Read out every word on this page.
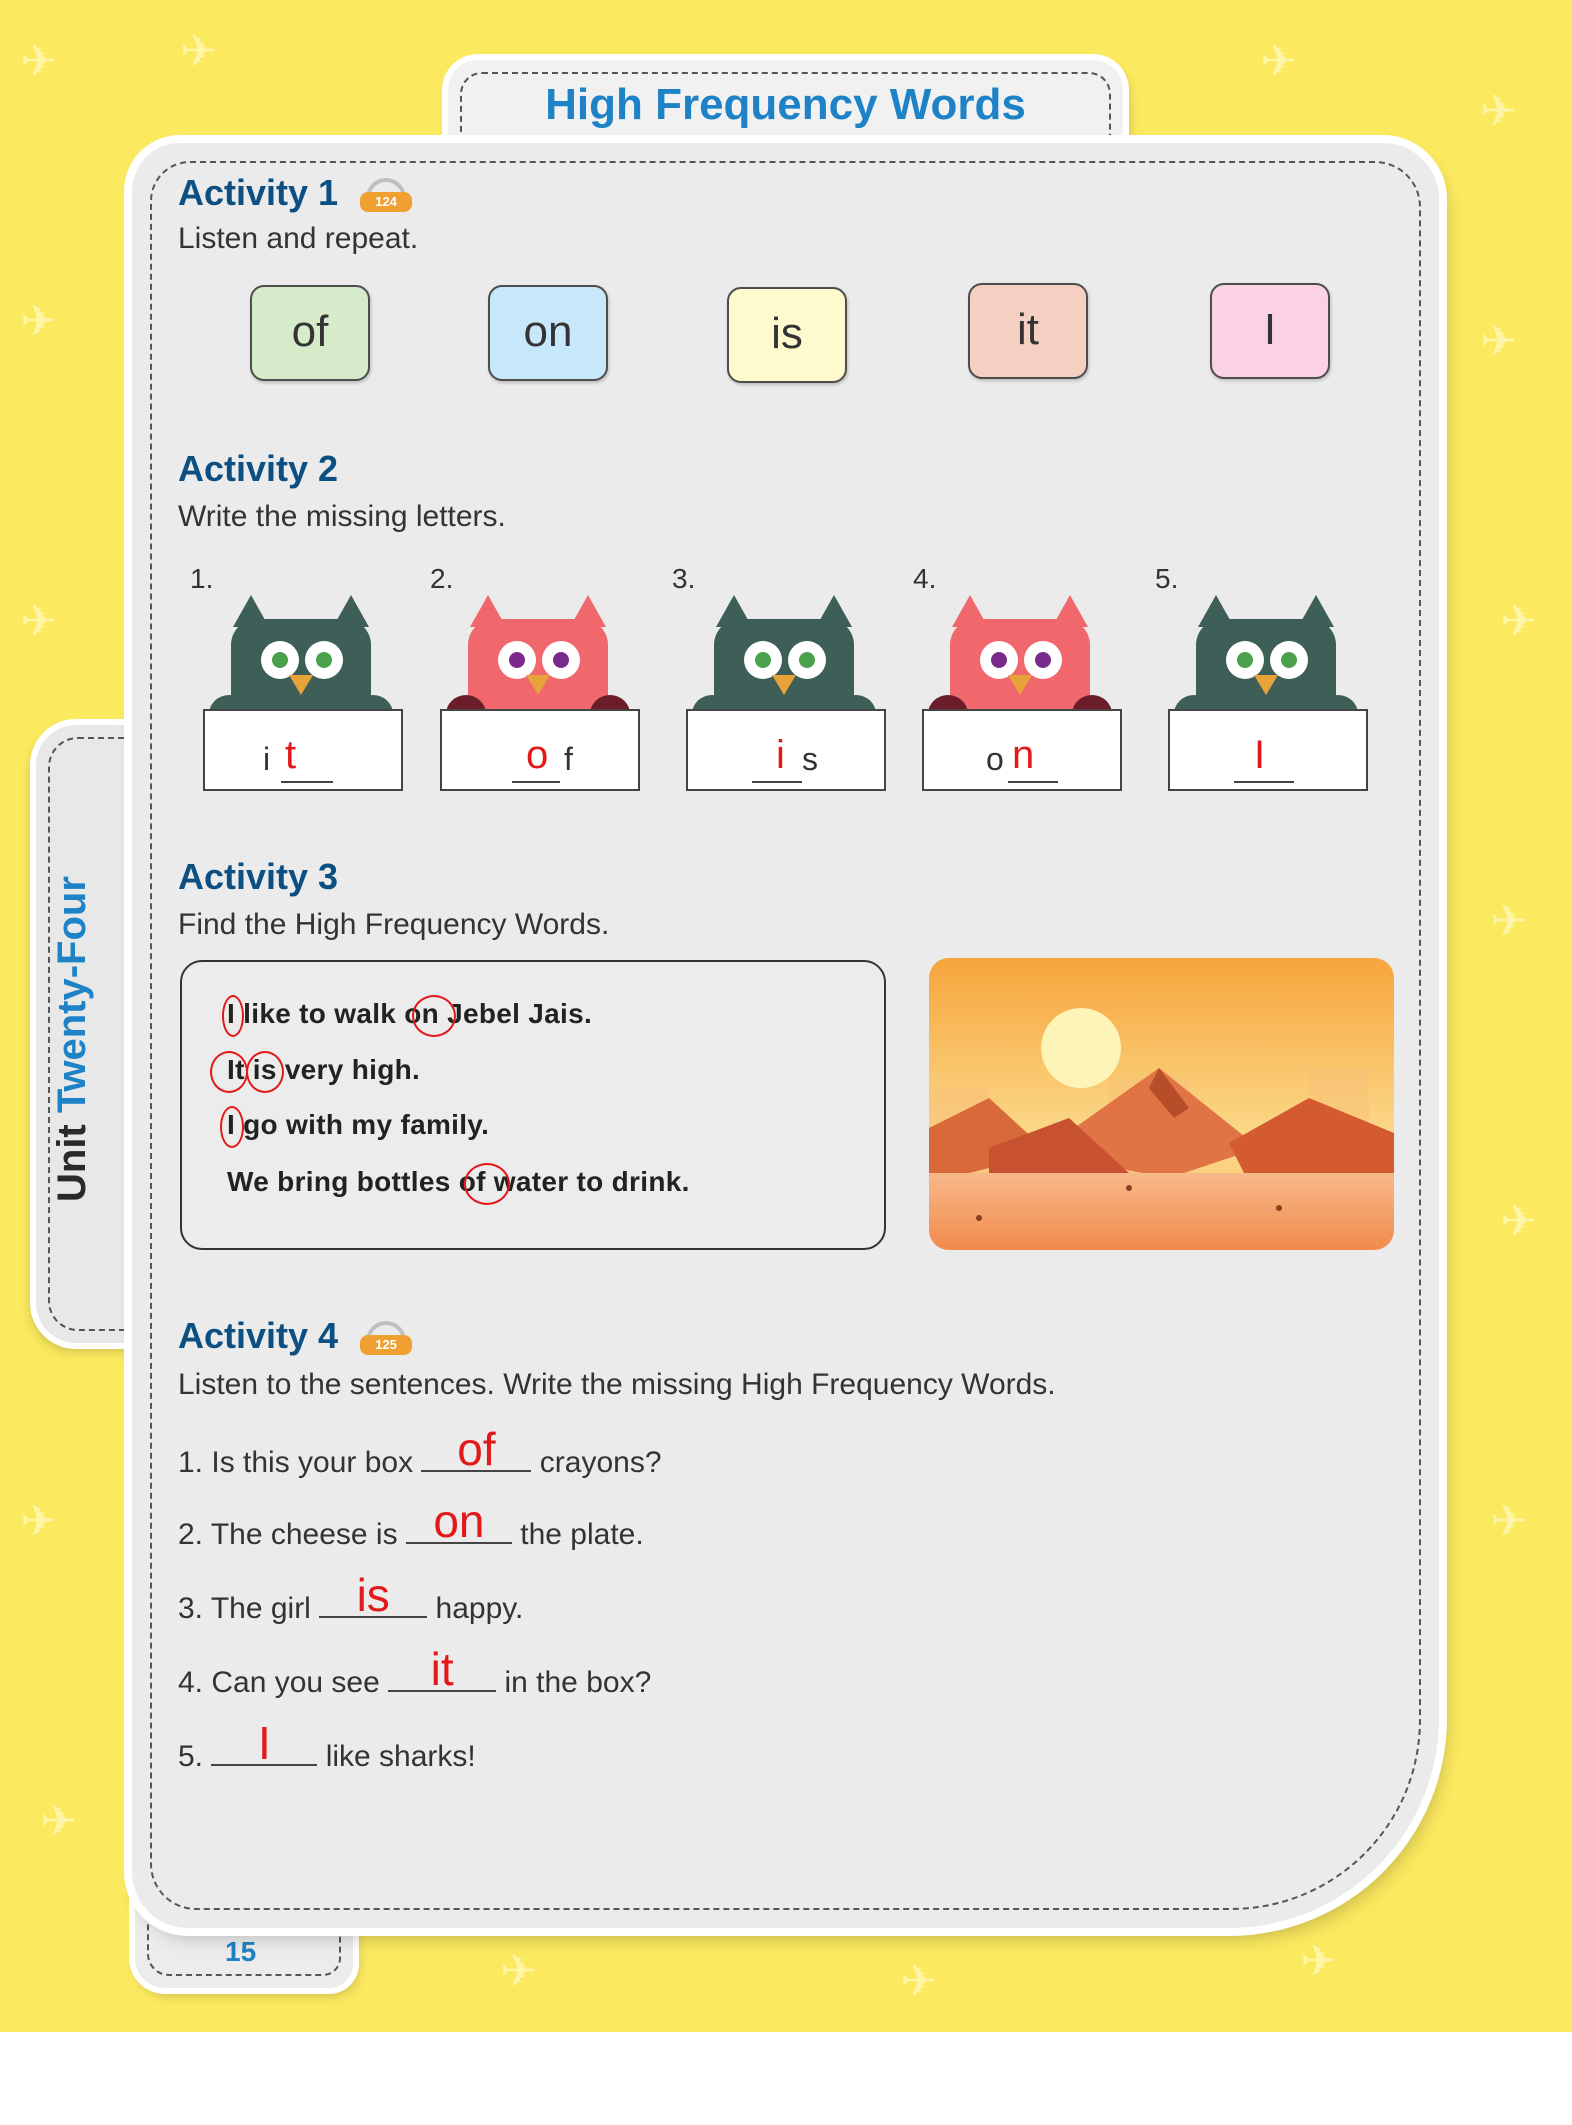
✈	✈	✈
✈
✈	✈
✈
✈
✈
✈
✈
✈
✈
✈	✈	✈
High Frequency Words
15
Unit Twenty-Four
Activity 1	124
Listen and repeat.
of	on	is	it	I
Activity 2
Write the missing letters.
1.
i t
2.
f
o
3.
s
i
4.
o n
5.
I
Activity 3
Find the High Frequency Words.
I like to walk on Jebel Jais.
It is very high.
I go with my family.
We bring bottles of water to drink.
Activity 4	125
Listen to the sentences. Write the missing High Frequency Words.
1. Is this your box of	crayons?
2. The cheese is on the plate.
3. The girl is	happy.
4. Can you see it	in the box?
5.	I	like sharks!
